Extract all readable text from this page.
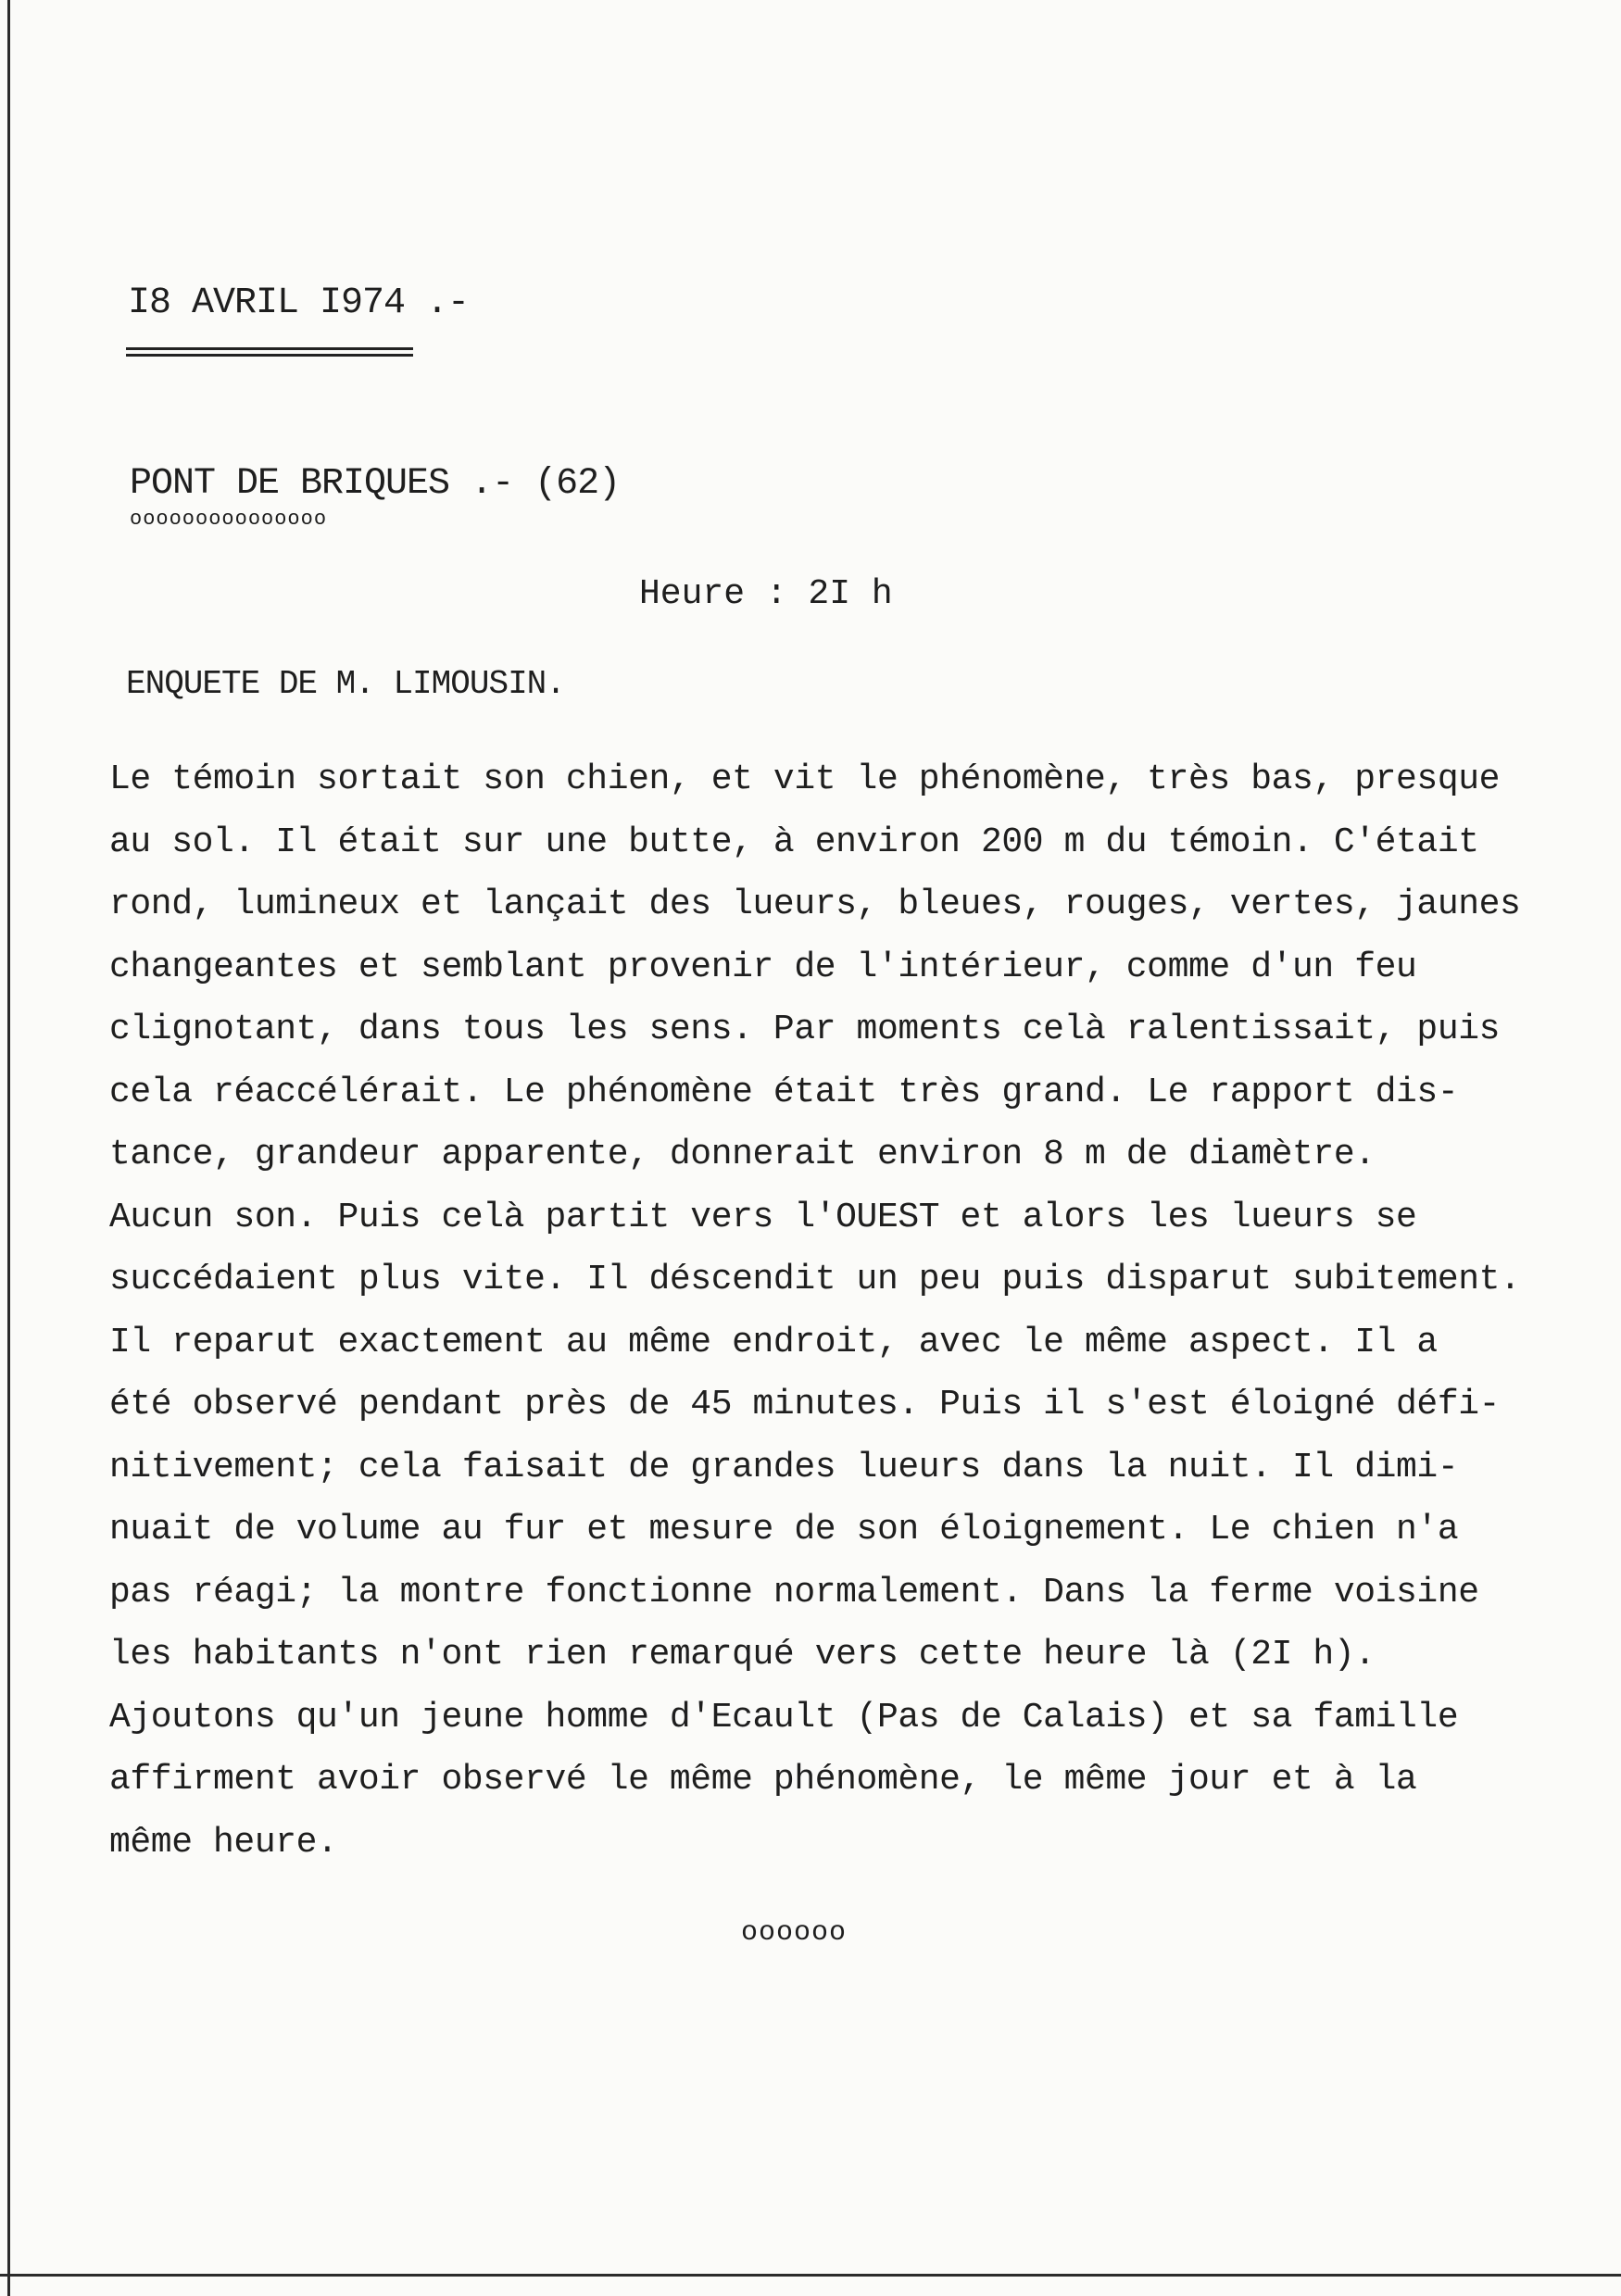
I8 AVRIL I974 .-
PONT DE BRIQUES .- (62)
ooooooooooooooo
Heure : 2I h
ENQUETE DE M. LIMOUSIN.
Le témoin sortait son chien, et vit le phénomène, très bas, presque
au sol. Il était sur une butte, à environ 200 m du témoin. C'était
rond, lumineux et lançait des lueurs, bleues, rouges, vertes, jaunes
changeantes et semblant provenir de l'intérieur, comme d'un feu
clignotant, dans tous les sens. Par moments celà ralentissait, puis
cela réaccélérait. Le phénomène était très grand. Le rapport dis-
tance, grandeur apparente, donnerait environ 8 m de diamètre.
Aucun son. Puis celà partit vers l'OUEST et alors les lueurs se
succédaient plus vite. Il déscendit un peu puis disparut subitement.
Il reparut exactement au même endroit, avec le même aspect. Il a
été observé pendant près de 45 minutes. Puis il s'est éloigné défi-
nitivement; cela faisait de grandes lueurs dans la nuit. Il dimi-
nuait de volume au fur et mesure de son éloignement. Le chien n'a
pas réagi; la montre fonctionne normalement. Dans la ferme voisine
les habitants n'ont rien remarqué vers cette heure là (2I h).
Ajoutons qu'un jeune homme d'Ecault (Pas de Calais) et sa famille
affirment avoir observé le même phénomène, le même jour et à la
même heure.
oooooo
